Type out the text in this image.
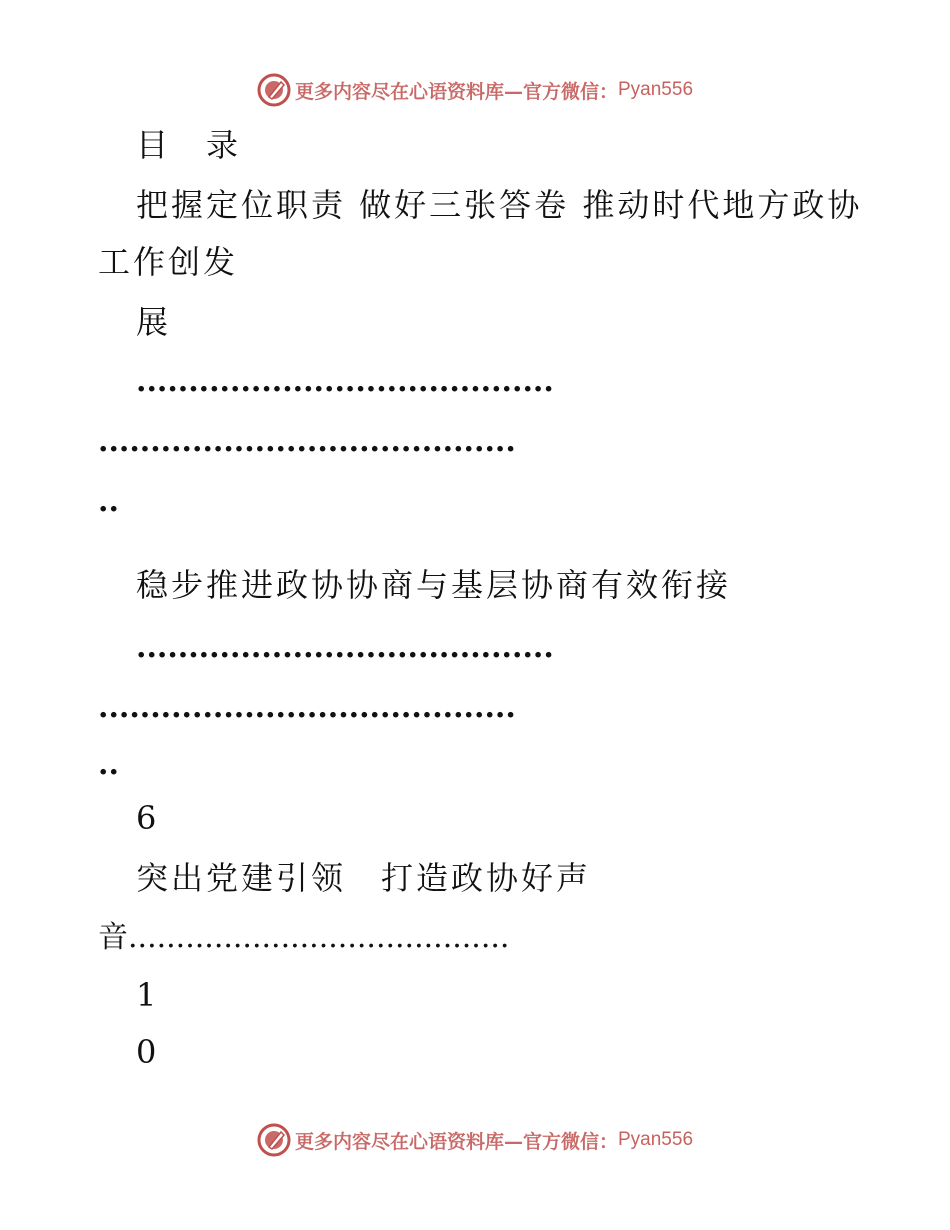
更多内容尽在心语资料库—官方微信： Pyan556
目　录
把握定位职责 做好三张答卷 推动时代地方政协
工作创发
展
........................................
........................................
..
稳步推进政协协商与基层协商有效衔接
........................................
........................................
..
6
突出党建引领　打造政协好声
音........................................
1
0
更多内容尽在心语资料库—官方微信： Pyan556
